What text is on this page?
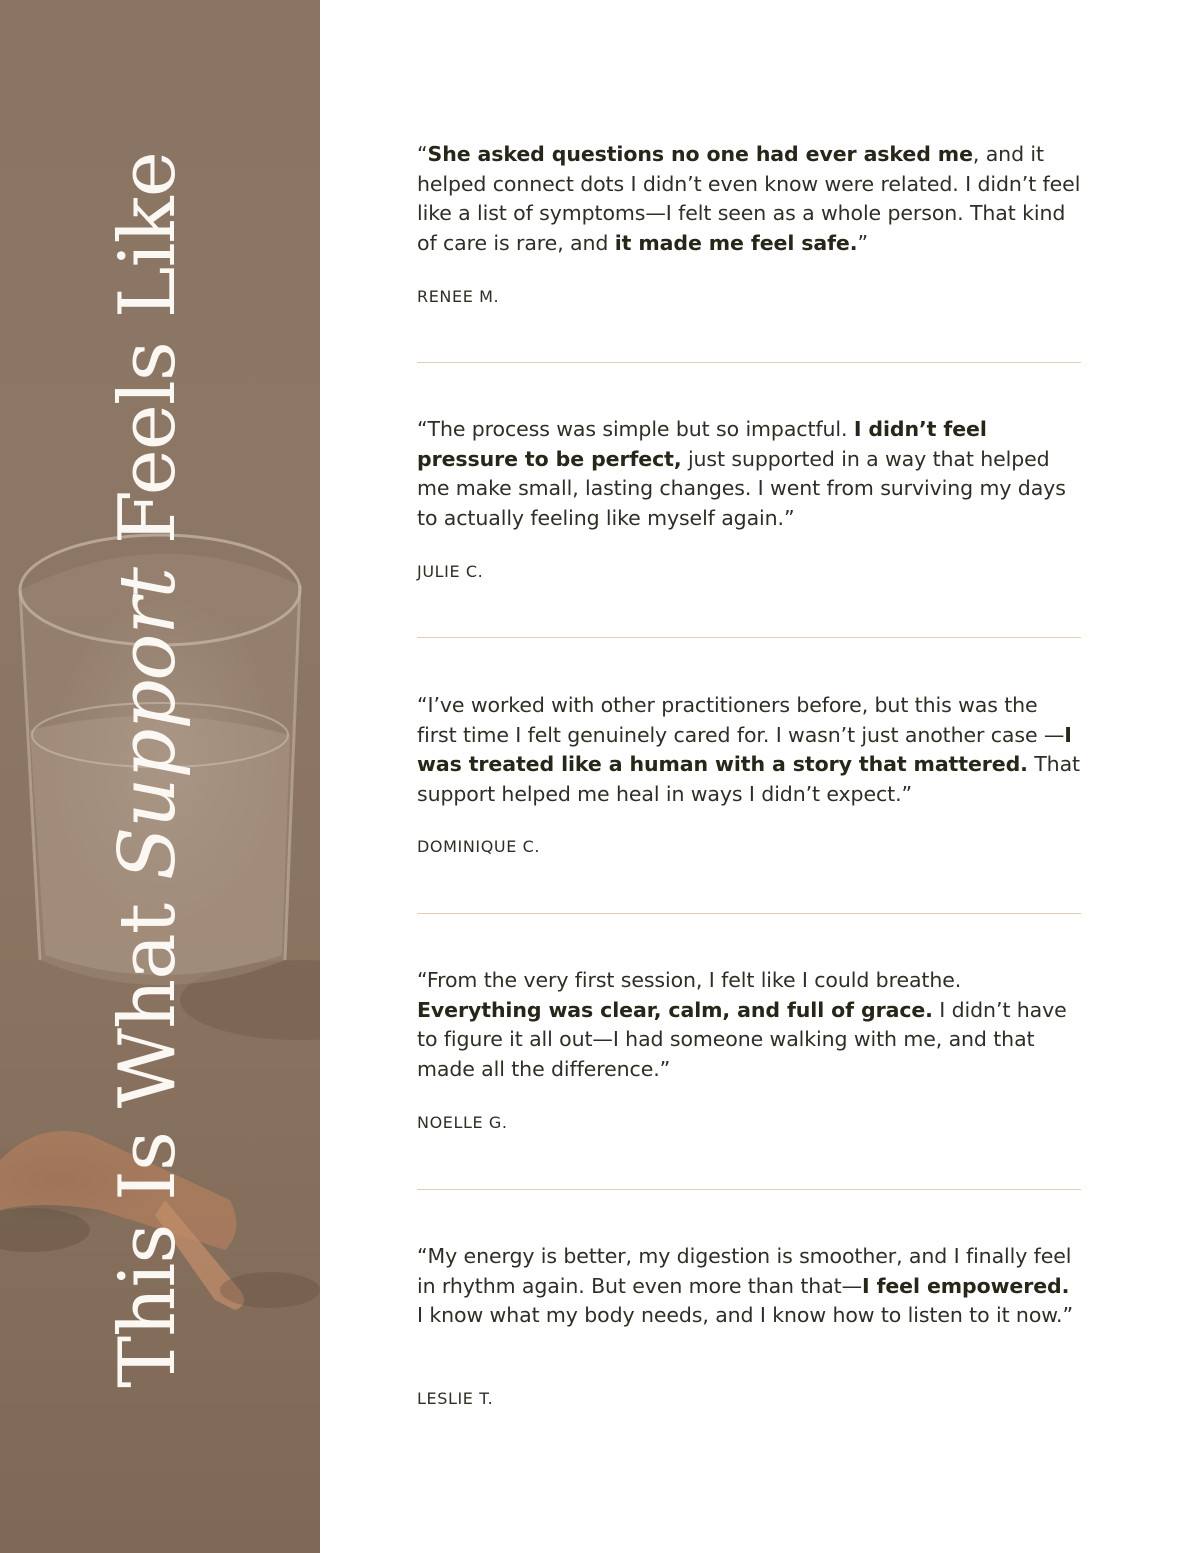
This Is What Support Feels Like	“She asked questions no one had ever asked me, and it helped connect dots I didn’t even know were related. I didn’t feel like a list of symptoms—I felt seen as a whole person. That kind of care is rare, and it made me feel safe.”

RENEE M.

“The process was simple but so impactful. I didn’t feel pressure to be perfect, just supported in a way that helped me make small, lasting changes. I went from surviving my days to actually feeling like myself again.”

JULIE C.

“I’ve worked with other practitioners before, but this was the first time I felt genuinely cared for. I wasn’t just another case —I was treated like a human with a story that mattered. That support helped me heal in ways I didn’t expect.”

DOMINIQUE C.

“From the very first session, I felt like I could breathe. Everything was clear, calm, and full of grace. I didn’t have to figure it all out—I had someone walking with me, and that made all the difference.”

NOELLE G.

“My energy is better, my digestion is smoother, and I finally feel in rhythm again. But even more than that—I feel empowered. I know what my body needs, and I know how to listen to it now.”

LESLIE T.
